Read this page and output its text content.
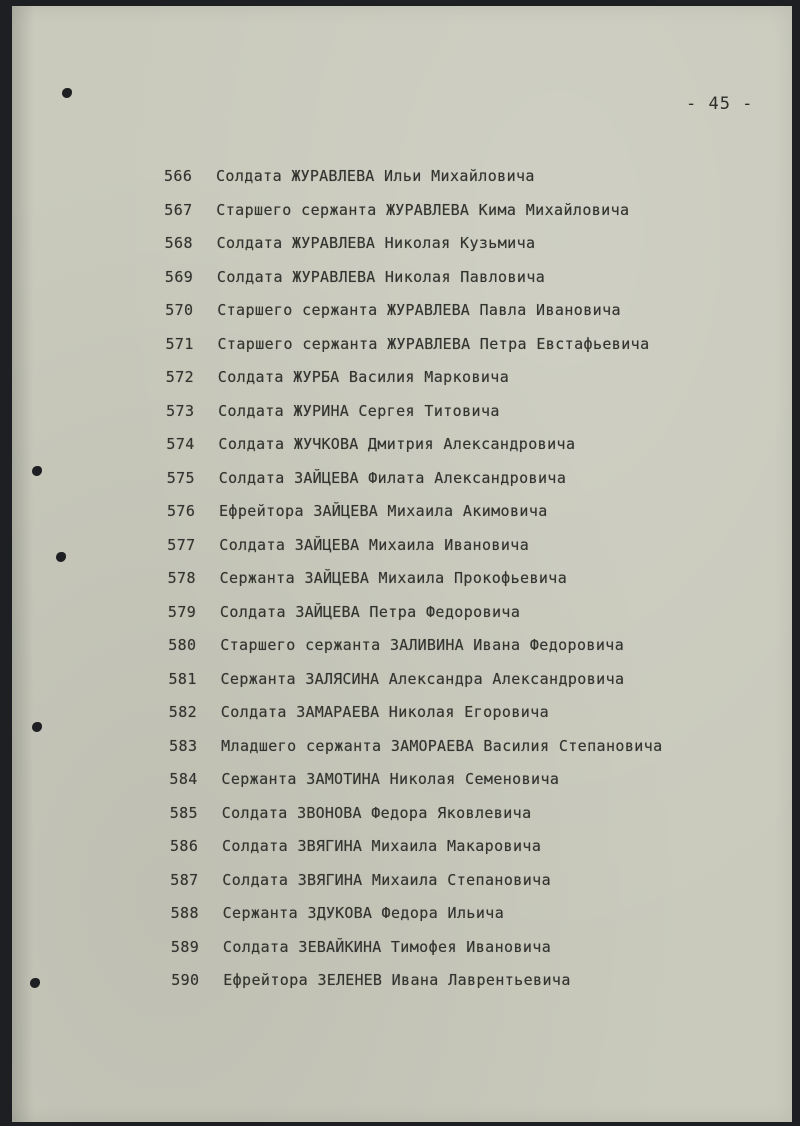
- 45 -
566 Солдата ЖУРАВЛЕВА Ильи Михайловича
567 Старшего сержанта ЖУРАВЛЕВА Кима Михайловича
568 Солдата ЖУРАВЛЕВА Николая Кузьмича
569 Солдата ЖУРАВЛЕВА Николая Павловича
570 Старшего сержанта ЖУРАВЛЕВА Павла Ивановича
571 Старшего сержанта ЖУРАВЛЕВА Петра Евстафьевича
572 Солдата ЖУРБА Василия Марковича
573 Солдата ЖУРИНА Сергея Титовича
574 Солдата ЖУЧКОВА Дмитрия Александровича
575 Солдата ЗАЙЦЕВА Филата Александровича
576 Ефрейтора ЗАЙЦЕВА Михаила Акимовича
577 Солдата ЗАЙЦЕВА Михаила Ивановича
578 Сержанта ЗАЙЦЕВА Михаила Прокофьевича
579 Солдата ЗАЙЦЕВА Петра Федоровича
580 Старшего сержанта ЗАЛИВИНА Ивана Федоровича
581 Сержанта ЗАЛЯСИНА Александра Александровича
582 Солдата ЗАМАРАЕВА Николая Егоровича
583 Младшего сержанта ЗАМОРАЕВА Василия Степановича
584 Сержанта ЗАМОТИНА Николая Семеновича
585 Солдата ЗВОНОВА Федора Яковлевича
586 Солдата ЗВЯГИНА Михаила Макаровича
587 Солдата ЗВЯГИНА Михаила Степановича
588 Сержанта ЗДУКОВА Федора Ильича
589 Солдата ЗЕВАЙКИНА Тимофея Ивановича
590 Ефрейтора ЗЕЛЕНЕВ Ивана Лаврентьевича
